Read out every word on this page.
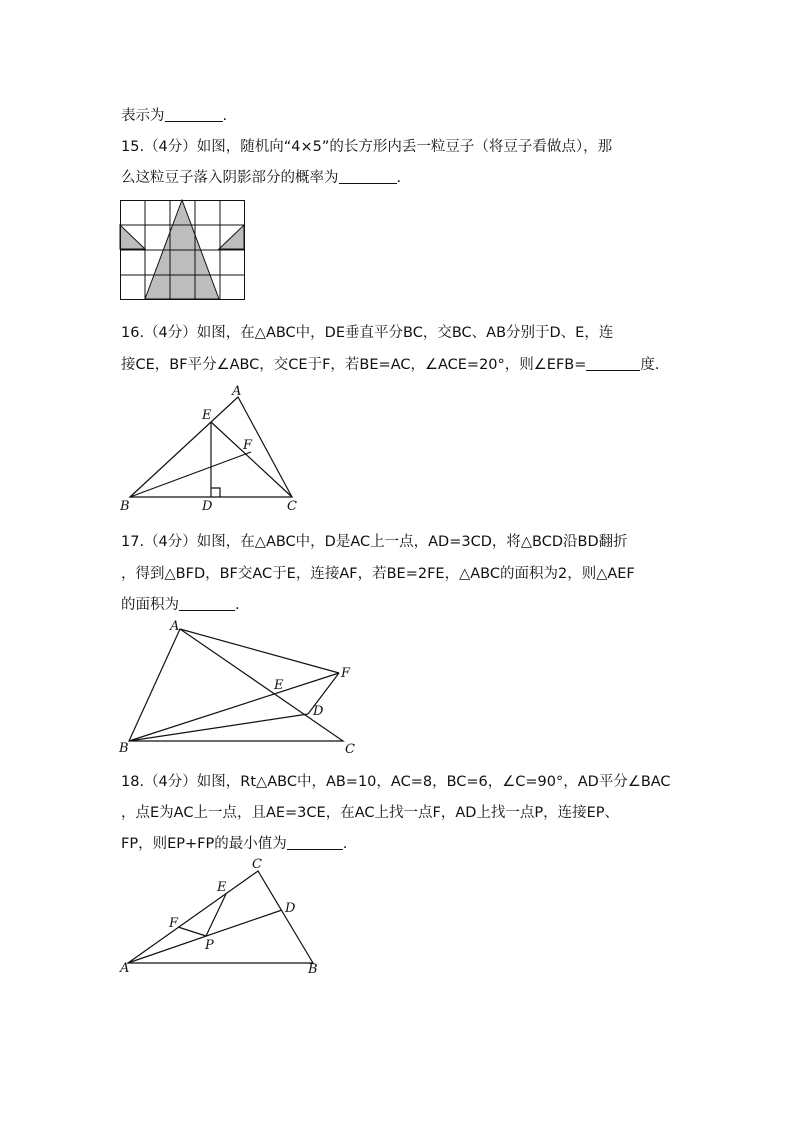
表示为	.
15.（4分）如图，随机向“4×5”的长方形内丢一粒豆子（将豆子看做点），那
么这粒豆子落入阴影部分的概率为	.
16.（4分）如图，在△ABC中，DE垂直平分BC，交BC、AB分别于D、E，连
接CE，BF平分∠ABC，交CE于F，若BE=AC，∠ACE=20°，则∠EFB=	度.
A
B	C
D
E
F
17.（4分）如图，在△ABC中，D是AC上一点，AD=3CD，将△BCD沿BD翻折
，得到△BFD，BF交AC于E，连接AF，若BE=2FE，△ABC的面积为2，则△AEF
的面积为	.
A
B	C
D
E
F
18.（4分）如图，Rt△ABC中，AB=10，AC=8，BC=6，∠C=90°，AD平分∠BAC
，点E为AC上一点，且AE=3CE，在AC上找一点F，AD上找一点P，连接EP、
FP，则EP+FP的最小值为	.
C
A	B
D
E
F
P
